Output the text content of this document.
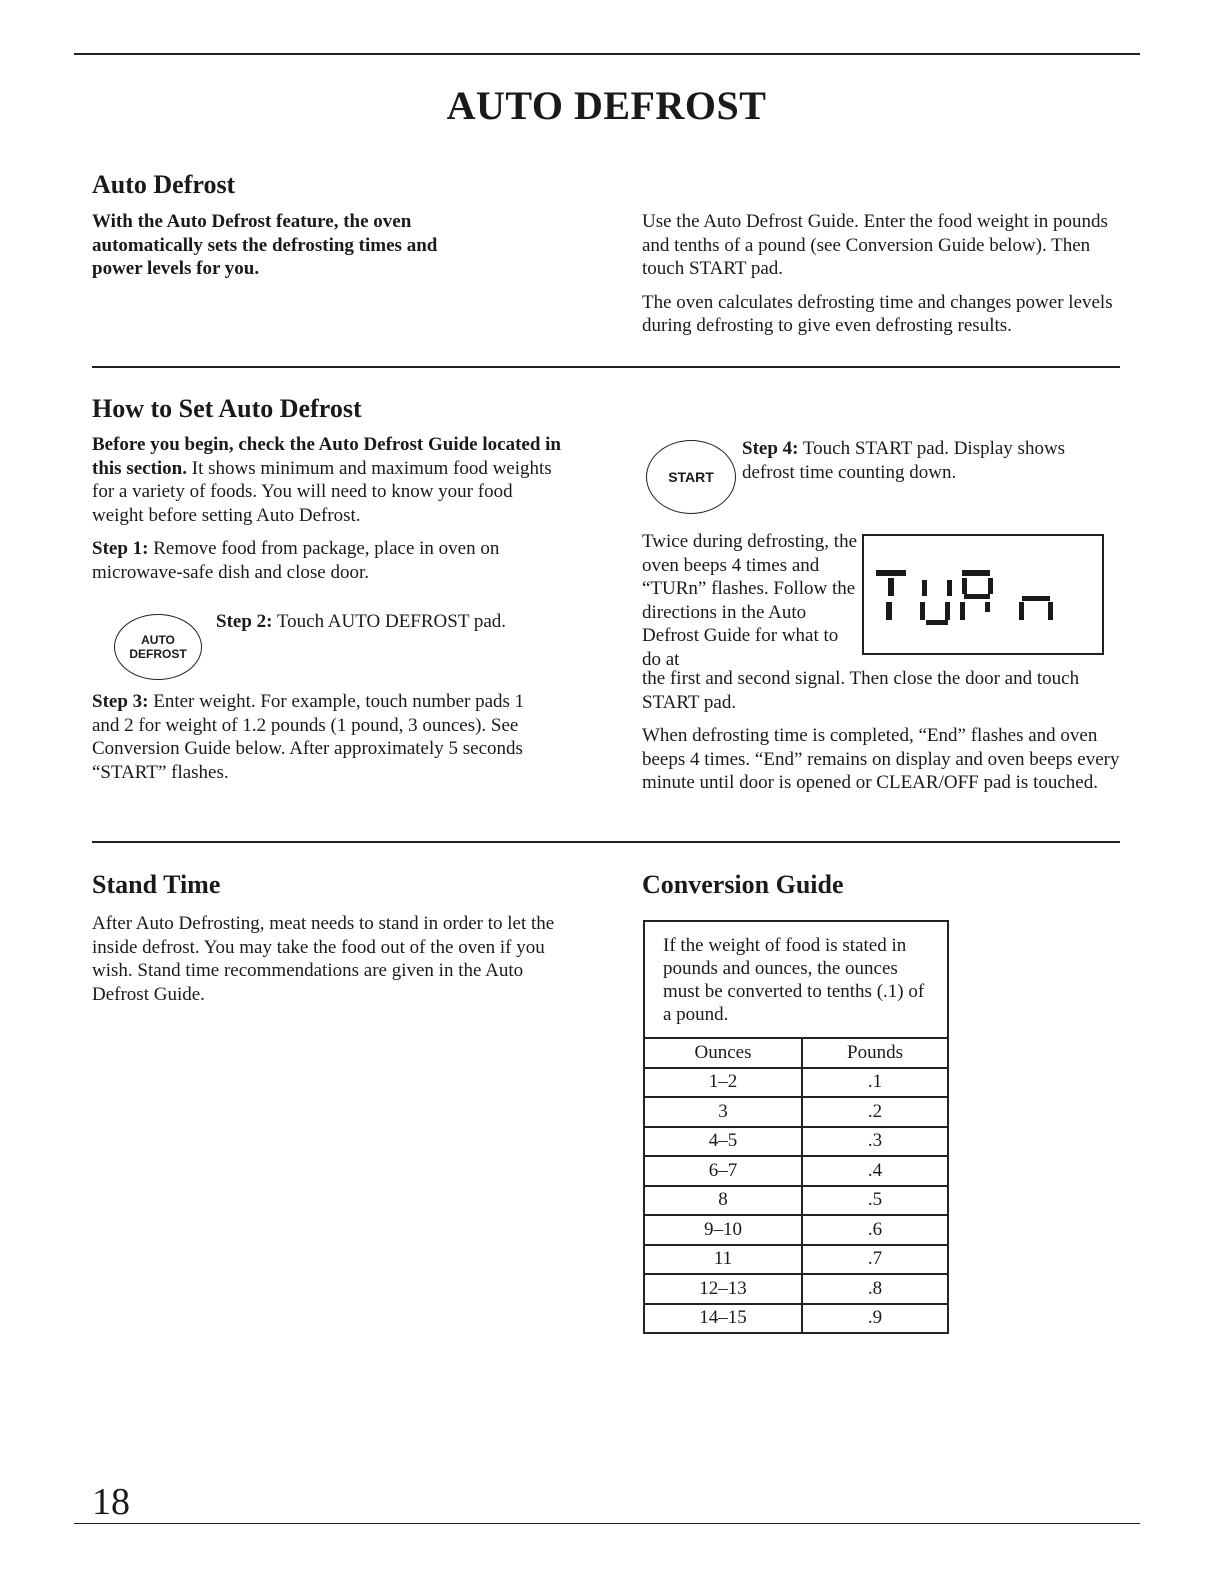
AUTO DEFROST
Auto Defrost
With the Auto Defrost feature, the oven automatically sets the defrosting times and power levels for you.

Use the Auto Defrost Guide. Enter the food weight in pounds and tenths of a pound (see Conversion Guide below). Then touch START pad.

The oven calculates defrosting time and changes power levels during defrosting to give even defrosting results.

How to Set Auto Defrost

Before you begin, check the Auto Defrost Guide located in this section. It shows minimum and maximum food weights for a variety of foods. You will need to know your food weight before setting Auto Defrost.

Step 1: Remove food from package, place in oven on microwave-safe dish and close door.

AUTO
DEFROST
Step 2: Touch AUTO DEFROST pad.
Step 3: Enter weight. For example, touch number pads 1 and 2 for weight of 1.2 pounds (1 pound, 3 ounces). See Conversion Guide below. After approximately 5 seconds “START” flashes.
START
Step 4: Touch START pad. Display shows defrost time counting down.
Twice during defrosting, the oven beeps 4 times and “TURn” flashes. Follow the directions in the Auto Defrost Guide for what to do at

the first and second signal. Then close the door and touch START pad.

When defrosting time is completed, “End” flashes and oven beeps 4 times. “End” remains on display and oven beeps every minute until door is opened or CLEAR/OFF pad is touched.

Stand Time
After Auto Defrosting, meat needs to stand in order to let the inside defrost. You may take the food out of the oven if you wish. Stand time recommendations are given in the Auto Defrost Guide.
Conversion Guide
If the weight of food is stated in pounds and ounces, the ounces must be converted to tenths (.1) of a pound.
Ounces	Pounds
1–2	.1
3	.2
4–5	.3
6–7	.4
8	.5
9–10	.6
11	.7
12–13	.8
14–15	.9
18
